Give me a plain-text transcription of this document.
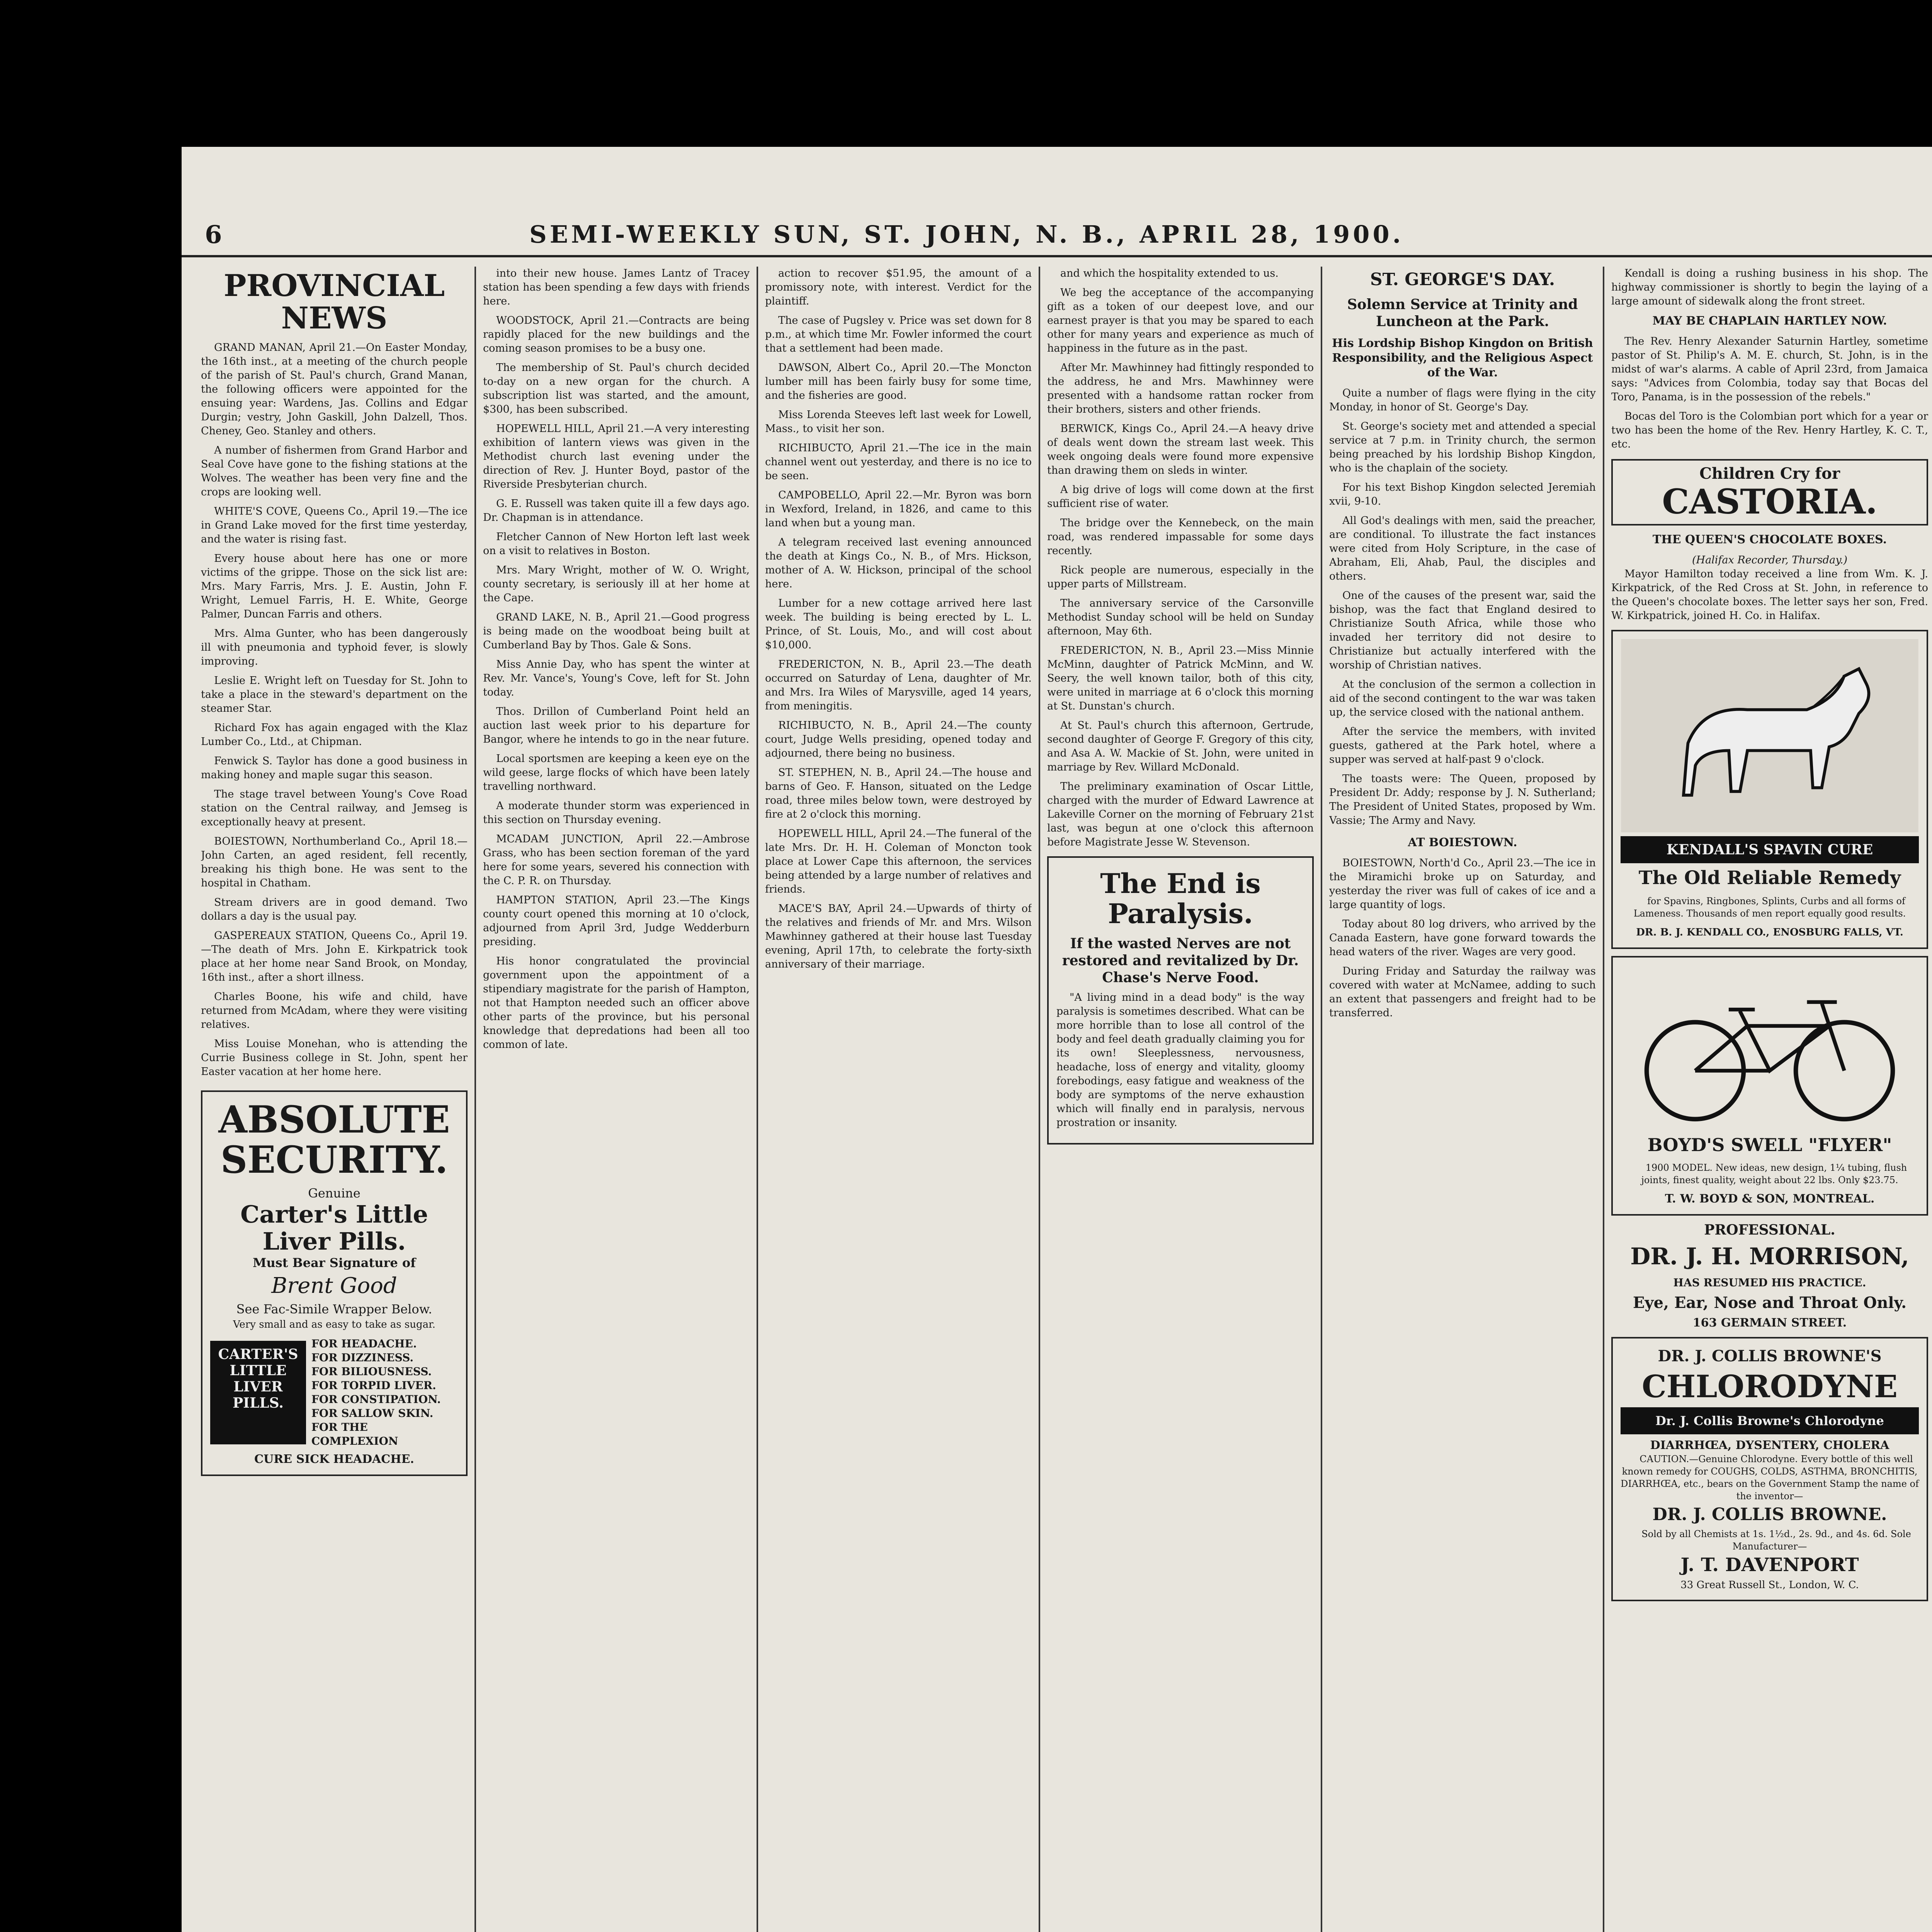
6	SEMI-WEEKLY SUN, ST. JOHN, N. B., APRIL 28, 1900.
PROVINCIAL NEWS

GRAND MANAN, April 21.—On Easter Monday, the 16th inst., at a meeting of the church people of the parish of St. Paul's church, Grand Manan, the following officers were appointed for the ensuing year: Wardens, Jas. Collins and Edgar Durgin; vestry, John Gaskill, John Dalzell, Thos. Cheney, Geo. Stanley and others.

A number of fishermen from Grand Harbor and Seal Cove have gone to the fishing stations at the Wolves. The weather has been very fine and the crops are looking well.

WHITE'S COVE, Queens Co., April 19.—The ice in Grand Lake moved for the first time yesterday, and the water is rising fast.

Every house about here has one or more victims of the grippe. Those on the sick list are: Mrs. Mary Farris, Mrs. J. E. Austin, John F. Wright, Lemuel Farris, H. E. White, George Palmer, Duncan Farris and others.

Mrs. Alma Gunter, who has been dangerously ill with pneumonia and typhoid fever, is slowly improving.

Leslie E. Wright left on Tuesday for St. John to take a place in the steward's department on the steamer Star.

Richard Fox has again engaged with the Klaz Lumber Co., Ltd., at Chipman.

Fenwick S. Taylor has done a good business in making honey and maple sugar this season.

The stage travel between Young's Cove Road station on the Central railway, and Jemseg is exceptionally heavy at present.

BOIESTOWN, Northumberland Co., April 18.—John Carten, an aged resident, fell recently, breaking his thigh bone. He was sent to the hospital in Chatham.

Stream drivers are in good demand. Two dollars a day is the usual pay.

GASPEREAUX STATION, Queens Co., April 19.—The death of Mrs. John E. Kirkpatrick took place at her home near Sand Brook, on Monday, 16th inst., after a short illness.

Charles Boone, his wife and child, have returned from McAdam, where they were visiting relatives.

Miss Louise Monehan, who is attending the Currie Business college in St. John, spent her Easter vacation at her home here.

ABSOLUTE SECURITY.
Genuine
Carter's Little Liver Pills.
Must Bear Signature of
Brent Good
See Fac-Simile Wrapper Below.
Very small and as easy to take as sugar.
CARTER'S LITTLE LIVER PILLS.
FOR HEADACHE.
FOR DIZZINESS.
FOR BILIOUSNESS.
FOR TORPID LIVER.
FOR CONSTIPATION.
FOR SALLOW SKIN.
FOR THE COMPLEXION
CURE SICK HEADACHE.

into their new house. James Lantz of Tracey station has been spending a few days with friends here.

WOODSTOCK, April 21.—Contracts are being rapidly placed for the new buildings and the coming season promises to be a busy one.

The membership of St. Paul's church decided to-day on a new organ for the church. A subscription list was started, and the amount, $300, has been subscribed.

HOPEWELL HILL, April 21.—A very interesting exhibition of lantern views was given in the Methodist church last evening under the direction of Rev. J. Hunter Boyd, pastor of the Riverside Presbyterian church.

G. E. Russell was taken quite ill a few days ago. Dr. Chapman is in attendance.

Fletcher Cannon of New Horton left last week on a visit to relatives in Boston.

Mrs. Mary Wright, mother of W. O. Wright, county secretary, is seriously ill at her home at the Cape.

GRAND LAKE, N. B., April 21.—Good progress is being made on the woodboat being built at Cumberland Bay by Thos. Gale & Sons.

Miss Annie Day, who has spent the winter at Rev. Mr. Vance's, Young's Cove, left for St. John today.

Thos. Drillon of Cumberland Point held an auction last week prior to his departure for Bangor, where he intends to go in the near future.

Local sportsmen are keeping a keen eye on the wild geese, large flocks of which have been lately travelling northward.

A moderate thunder storm was experienced in this section on Thursday evening.

MCADAM JUNCTION, April 22.—Ambrose Grass, who has been section foreman of the yard here for some years, severed his connection with the C. P. R. on Thursday.

HAMPTON STATION, April 23.—The Kings county court opened this morning at 10 o'clock, adjourned from April 3rd, Judge Wedderburn presiding.

His honor congratulated the provincial government upon the appointment of a stipendiary magistrate for the parish of Hampton, not that Hampton needed such an officer above other parts of the province, but his personal knowledge that depredations had been all too common of late.

action to recover $51.95, the amount of a promissory note, with interest. Verdict for the plaintiff.

The case of Pugsley v. Price was set down for 8 p.m., at which time Mr. Fowler informed the court that a settlement had been made.

DAWSON, Albert Co., April 20.—The Moncton lumber mill has been fairly busy for some time, and the fisheries are good.

Miss Lorenda Steeves left last week for Lowell, Mass., to visit her son.

RICHIBUCTO, April 21.—The ice in the main channel went out yesterday, and there is no ice to be seen.

CAMPOBELLO, April 22.—Mr. Byron was born in Wexford, Ireland, in 1826, and came to this land when but a young man.

A telegram received last evening announced the death at Kings Co., N. B., of Mrs. Hickson, mother of A. W. Hickson, principal of the school here.

Lumber for a new cottage arrived here last week. The building is being erected by L. L. Prince, of St. Louis, Mo., and will cost about $10,000.

FREDERICTON, N. B., April 23.—The death occurred on Saturday of Lena, daughter of Mr. and Mrs. Ira Wiles of Marysville, aged 14 years, from meningitis.

RICHIBUCTO, N. B., April 24.—The county court, Judge Wells presiding, opened today and adjourned, there being no business.

ST. STEPHEN, N. B., April 24.—The house and barns of Geo. F. Hanson, situated on the Ledge road, three miles below town, were destroyed by fire at 2 o'clock this morning.

HOPEWELL HILL, April 24.—The funeral of the late Mrs. Dr. H. H. Coleman of Moncton took place at Lower Cape this afternoon, the services being attended by a large number of relatives and friends.

MACE'S BAY, April 24.—Upwards of thirty of the relatives and friends of Mr. and Mrs. Wilson Mawhinney gathered at their house last Tuesday evening, April 17th, to celebrate the forty-sixth anniversary of their marriage.

and which the hospitality extended to us.

We beg the acceptance of the accompanying gift as a token of our deepest love, and our earnest prayer is that you may be spared to each other for many years and experience as much of happiness in the future as in the past.

After Mr. Mawhinney had fittingly responded to the address, he and Mrs. Mawhinney were presented with a handsome rattan rocker from their brothers, sisters and other friends.

BERWICK, Kings Co., April 24.—A heavy drive of deals went down the stream last week. This week ongoing deals were found more expensive than drawing them on sleds in winter.

A big drive of logs will come down at the first sufficient rise of water.

The bridge over the Kennebeck, on the main road, was rendered impassable for some days recently.

Rick people are numerous, especially in the upper parts of Millstream.

The anniversary service of the Carsonville Methodist Sunday school will be held on Sunday afternoon, May 6th.

FREDERICTON, N. B., April 23.—Miss Minnie McMinn, daughter of Patrick McMinn, and W. Seery, the well known tailor, both of this city, were united in marriage at 6 o'clock this morning at St. Dunstan's church.

At St. Paul's church this afternoon, Gertrude, second daughter of George F. Gregory of this city, and Asa A. W. Mackie of St. John, were united in marriage by Rev. Willard McDonald.

The preliminary examination of Oscar Little, charged with the murder of Edward Lawrence at Lakeville Corner on the morning of February 21st last, was begun at one o'clock this afternoon before Magistrate Jesse W. Stevenson.

The End is Paralysis.
If the wasted Nerves are not restored and revitalized by Dr. Chase's Nerve Food.

"A living mind in a dead body" is the way paralysis is sometimes described. What can be more horrible than to lose all control of the body and feel death gradually claiming you for its own! Sleeplessness, nervousness, headache, loss of energy and vitality, gloomy forebodings, easy fatigue and weakness of the body are symptoms of the nerve exhaustion which will finally end in paralysis, nervous prostration or insanity.

ST. GEORGE'S DAY.
Solemn Service at Trinity and Luncheon at the Park.
His Lordship Bishop Kingdon on British Responsibility, and the Religious Aspect of the War.

Quite a number of flags were flying in the city Monday, in honor of St. George's Day.

St. George's society met and attended a special service at 7 p.m. in Trinity church, the sermon being preached by his lordship Bishop Kingdon, who is the chaplain of the society.

For his text Bishop Kingdon selected Jeremiah xvii, 9-10.

All God's dealings with men, said the preacher, are conditional. To illustrate the fact instances were cited from Holy Scripture, in the case of Abraham, Eli, Ahab, Paul, the disciples and others.

One of the causes of the present war, said the bishop, was the fact that England desired to Christianize South Africa, while those who invaded her territory did not desire to Christianize but actually interfered with the worship of Christian natives.

At the conclusion of the sermon a collection in aid of the second contingent to the war was taken up, the service closed with the national anthem.

After the service the members, with invited guests, gathered at the Park hotel, where a supper was served at half-past 9 o'clock.

The toasts were: The Queen, proposed by President Dr. Addy; response by J. N. Sutherland; The President of United States, proposed by Wm. Vassie; The Army and Navy.

AT BOIESTOWN.

BOIESTOWN, North'd Co., April 23.—The ice in the Miramichi broke up on Saturday, and yesterday the river was full of cakes of ice and a large quantity of logs.

Today about 80 log drivers, who arrived by the Canada Eastern, have gone forward towards the head waters of the river. Wages are very good.

During Friday and Saturday the railway was covered with water at McNamee, adding to such an extent that passengers and freight had to be transferred.

Kendall is doing a rushing business in his shop. The highway commissioner is shortly to begin the laying of a large amount of sidewalk along the front street.

MAY BE CHAPLAIN HARTLEY NOW.

The Rev. Henry Alexander Saturnin Hartley, sometime pastor of St. Philip's A. M. E. church, St. John, is in the midst of war's alarms. A cable of April 23rd, from Jamaica says: "Advices from Colombia, today say that Bocas del Toro, Panama, is in the possession of the rebels."

Bocas del Toro is the Colombian port which for a year or two has been the home of the Rev. Henry Hartley, K. C. T., etc.

Children Cry for
CASTORIA.
THE QUEEN'S CHOCOLATE BOXES.
(Halifax Recorder, Thursday.)

Mayor Hamilton today received a line from Wm. K. J. Kirkpatrick, of the Red Cross at St. John, in reference to the Queen's chocolate boxes. The letter says her son, Fred. W. Kirkpatrick, joined H. Co. in Halifax.

KENDALL'S SPAVIN CURE
The Old Reliable Remedy

for Spavins, Ringbones, Splints, Curbs and all forms of Lameness. Thousands of men report equally good results.

DR. B. J. KENDALL CO., ENOSBURG FALLS, VT.
BOYD'S SWELL "FLYER"

1900 MODEL. New ideas, new design, 1¼ tubing, flush joints, finest quality, weight about 22 lbs. Only $23.75.

T. W. BOYD & SON, MONTREAL.
PROFESSIONAL.
DR. J. H. MORRISON,
HAS RESUMED HIS PRACTICE.
Eye, Ear, Nose and Throat Only.
163 GERMAIN STREET.
DR. J. COLLIS BROWNE'S
CHLORODYNE
Dr. J. Collis Browne's Chlorodyne
DIARRHŒA, DYSENTERY, CHOLERA

CAUTION.—Genuine Chlorodyne. Every bottle of this well known remedy for COUGHS, COLDS, ASTHMA, BRONCHITIS, DIARRHŒA, etc., bears on the Government Stamp the name of the inventor—

DR. J. COLLIS BROWNE.

Sold by all Chemists at 1s. 1½d., 2s. 9d., and 4s. 6d. Sole Manufacturer—

J. T. DAVENPORT
33 Great Russell St., London, W. C.
